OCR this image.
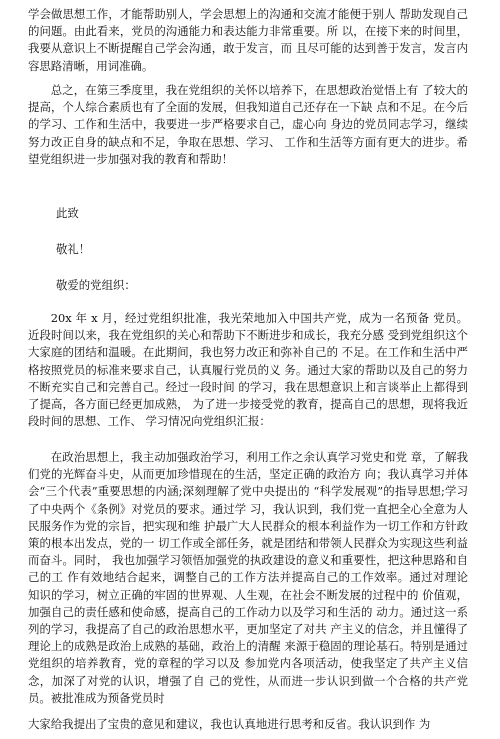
学会做思想工作，才能帮助别人，学会思想上的沟通和交流才能便于别人 帮助发现自己的问题。由此看来，党员的沟通能力和表达能力非常重要。所 以，在接下来的时间里，我要从意识上不断提醒自己学会沟通，敢于发言，而 且尽可能的达到善于发言，发言内容思路清晰，用词准确。

总之，在第三季度里，我在党组织的关怀以培养下，在思想政治觉悟上有 了较大的提高，个人综合素质也有了全面的发展，但我知道自己还存在一下缺 点和不足。在今后的学习、工作和生活中，我要进一步严格要求自己，虚心向 身边的党员同志学习，继续努力改正自身的缺点和不足，争取在思想、学习、 工作和生活等方面有更大的进步。希望党组织进一步加强对我的教育和帮助！

此致

敬礼！

敬爱的党组织：

20x 年 x 月，经过党组织批准，我光荣地加入中国共产党，成为一名预备 党员。近段时间以来，我在党组织的关心和帮助下不断进步和成长，我充分感 受到党组织这个大家庭的团结和温暖。在此期间，我也努力改正和弥补自己的 不足。在工作和生活中严格按照党员的标准来要求自己，认真履行党员的义 务。通过大家的帮助以及自己的努力不断充实自己和完善自己。经过一段时间 的学习，我在思想意识上和言谈举止上都得到了提高，各方面已经更加成熟， 为了进一步接受党的教育，提高自己的思想，现将我近段时间的思想、工作、 学习情况向党组织汇报：

在政治思想上，我主动加强政治学习，利用工作之余认真学习党史和党 章，了解我们党的光辉奋斗史，从而更加珍惜现在的生活，坚定正确的政治方 向；我认真学习并体会“三个代表”重要思想的内涵;深刻理解了党中央提出的 “科学发展观”的指导思想;学习了中央两个《条例》对党员的要求。通过学 习，我认识到，我们党一直把全心全意为人民服务作为党的宗旨，把实现和维 护最广大人民群众的根本利益作为一切工作和方针政策的根本出发点，党的一 切工作或全部任务，就是团结和带领人民群众为实现这些利益而奋斗。同时， 我也加强学习领悟加强党的执政建设的意义和重要性，把这种思路和自己的工 作有效地结合起来，调整自己的工作方法并提高自己的工作效率。通过对理论 知识的学习，树立正确的牢固的世界观、人生观，在社会不断发展的过程中的 价值观，加强自己的责任感和使命感，提高自己的工作动力以及学习和生活的 动力。通过这一系列的学习，我提高了自己的政治思想水平，更加坚定了对共 产主义的信念，并且懂得了理论上的成熟是政治上成熟的基础，政治上的清醒 来源于稳固的理论基石。特别是通过党组织的培养教育，党的章程的学习以及 参加党内各项活动，使我坚定了共产主义信念，加深了对党的认识，增强了自 己的党性，从而进一步认识到做一个合格的共产党员。被批准成为预备党员时

大家给我提出了宝贵的意见和建议，我也认真地进行思考和反省。我认识到作 为
